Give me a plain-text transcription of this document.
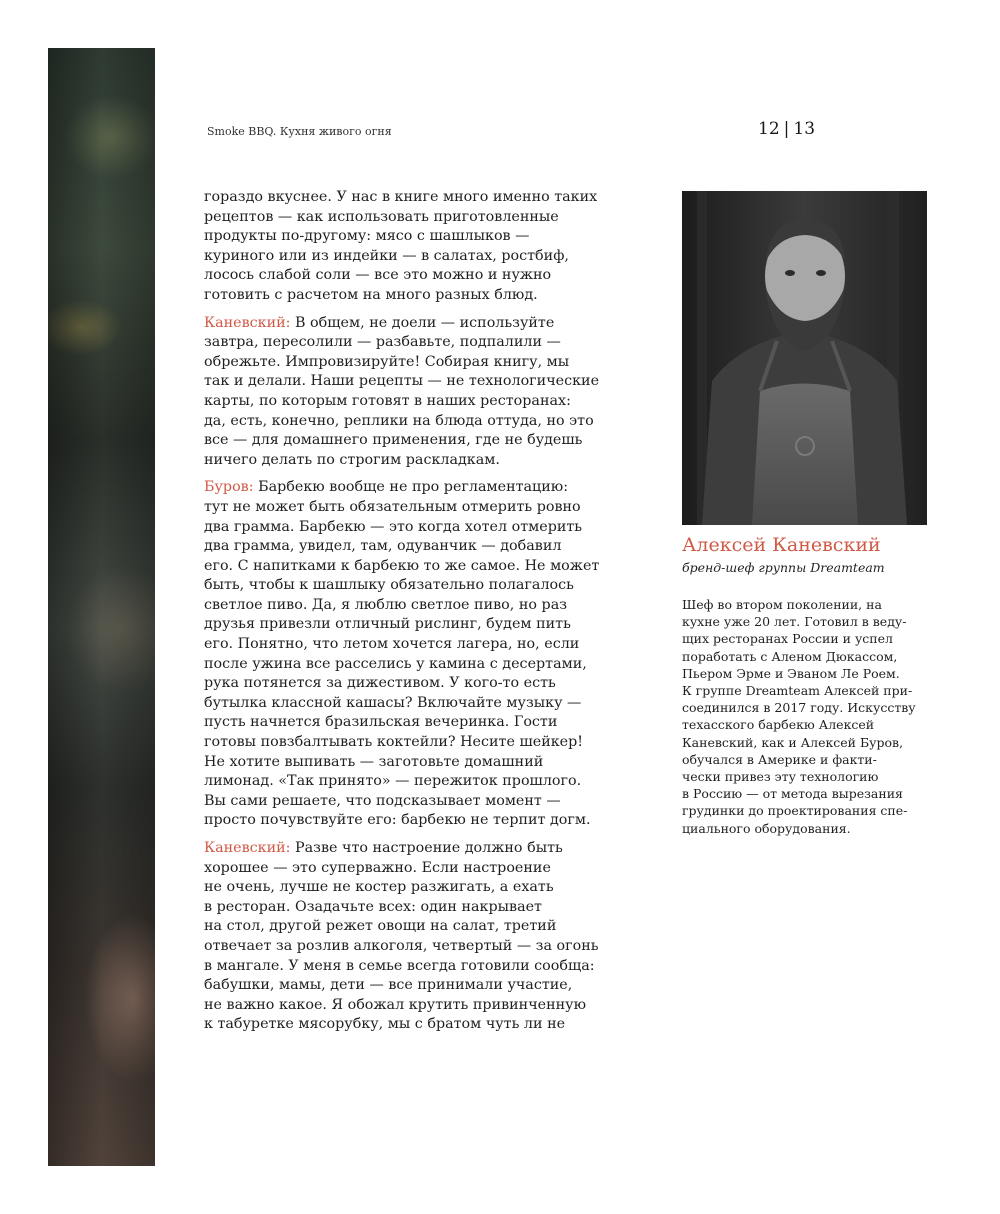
Smoke BBQ. Кухня живого огня	12 | 13

гораздо вкуснее. У нас в книге много именно таких
рецептов — как использовать приготовленные
продукты по-другому: мясо с шашлыков —
куриного или из индейки — в салатах, ростбиф,
лосось слабой соли — все это можно и нужно
готовить с расчетом на много разных блюд.

Каневский: В общем, не доели — используйте
завтра, пересолили — разбавьте, подпалили —
обрежьте. Импровизируйте! Собирая книгу, мы
так и делали. Наши рецепты — не технологические
карты, по которым готовят в наших ресторанах:
да, есть, конечно, реплики на блюда оттуда, но это
все — для домашнего применения, где не будешь
ничего делать по строгим раскладкам.

Буров: Барбекю вообще не про регламентацию:
тут не может быть обязательным отмерить ровно
два грамма. Барбекю — это когда хотел отмерить
два грамма, увидел, там, одуванчик — добавил
его. С напитками к барбекю то же самое. Не может
быть, чтобы к шашлыку обязательно полагалось
светлое пиво. Да, я люблю светлое пиво, но раз
друзья привезли отличный рислинг, будем пить
его. Понятно, что летом хочется лагера, но, если
после ужина все расселись у камина с десертами,
рука потянется за дижестивом. У кого-то есть
бутылка классной кашасы? Включайте музыку —
пусть начнется бразильская вечеринка. Гости
готовы повзбалтывать коктейли? Несите шейкер!
Не хотите выпивать — заготовьте домашний
лимонад. «Так принято» — пережиток прошлого.
Вы сами решаете, что подсказывает момент —
просто почувствуйте его: барбекю не терпит догм.

Каневский: Разве что настроение должно быть
хорошее — это суперважно. Если настроение
не очень, лучше не костер разжигать, а ехать
в ресторан. Озадачьте всех: один накрывает
на стол, другой режет овощи на салат, третий
отвечает за розлив алкоголя, четвертый — за огонь
в мангале. У меня в семье всегда готовили сообща:
бабушки, мамы, дети — все принимали участие,
не важно какое. Я обожал крутить привинченную
к табуретке мясорубку, мы с братом чуть ли не

Алексей Каневский
бренд-шеф группы Dreamteam
Шеф во втором поколении, на
кухне уже 20 лет. Готовил в веду-
щих ресторанах России и успел
поработать с Аленом Дюкассом,
Пьером Эрме и Эваном Ле Роем.
К группе Dreamteam Алексей при-
соединился в 2017 году. Искусству
техасского барбекю Алексей
Каневский, как и Алексей Буров,
обучался в Америке и факти-
чески привез эту технологию
в Россию — от метода вырезания
грудинки до проектирования спе-
циального оборудования.
